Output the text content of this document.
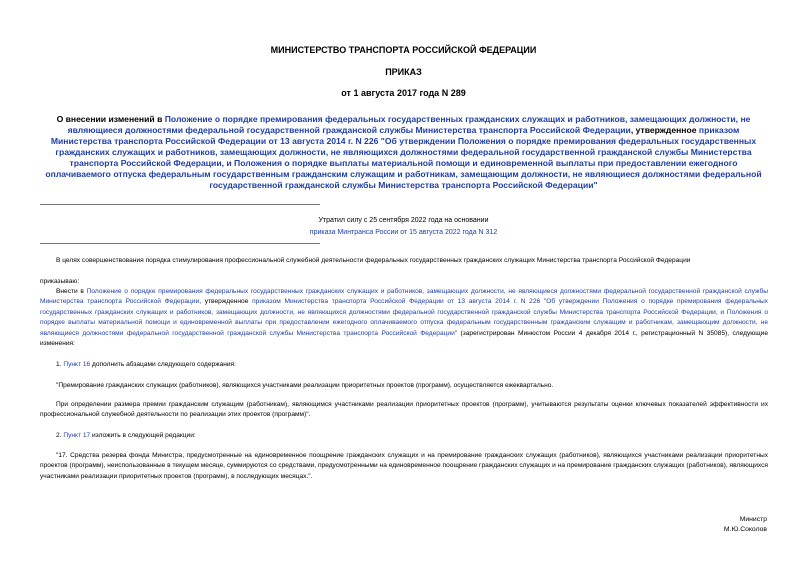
МИНИСТЕРСТВО ТРАНСПОРТА РОССИЙСКОЙ ФЕДЕРАЦИИ
ПРИКАЗ
от 1 августа 2017 года N 289
О внесении изменений в Положение о порядке премирования федеральных государственных гражданских служащих и работников, замещающих должности, не являющиеся должностями федеральной государственной гражданской службы Министерства транспорта Российской Федерации, утвержденное приказом Министерства транспорта Российской Федерации от 13 августа 2014 г. N 226 "Об утверждении Положения о порядке премирования федеральных государственных гражданских служащих и работников, замещающих должности, не являющихся должностями федеральной государственной гражданской службы Министерства транспорта Российской Федерации, и Положения о порядке выплаты материальной помощи и единовременной выплаты при предоставлении ежегодного оплачиваемого отпуска федеральным государственным гражданским служащим и работникам, замещающим должности, не являющиеся должностями федеральной государственной гражданской службы Министерства транспорта Российской Федерации"
Утратил силу с 25 сентября 2022 года на основании
приказа Минтранса России от 15 августа 2022 года N 312
В целях совершенствования порядка стимулирования профессиональной служебной деятельности федеральных государственных гражданских служащих Министерства транспорта Российской Федерации
приказываю:
Внести в Положение о порядке премирования федеральных государственных гражданских служащих и работников, замещающих должности, не являющиеся должностями федеральной государственной гражданской службы Министерства транспорта Российской Федерации, утвержденное приказом Министерства транспорта Российской Федерации от 13 августа 2014 г. N 226 "Об утверждении Положения о порядке премирования федеральных государственных гражданских служащих и работников, замещающих должности, не являющихся должностями федеральной государственной гражданской службы Министерства транспорта Российской Федерации, и Положения о порядке выплаты материальной помощи и единовременной выплаты при предоставлении ежегодного оплачиваемого отпуска федеральным государственным гражданским служащим и работникам, замещающим должности, не являющиеся должностями федеральной государственной гражданской службы Министерства транспорта Российской Федерации" (зарегистрирован Минюстом России 4 декабря 2014 г., регистрационный N 35085), следующие изменения:
1. Пункт 16 дополнить абзацами следующего содержания:
"Премирование гражданских служащих (работников), являющихся участниками реализации приоритетных проектов (программ), осуществляется ежеквартально.
При определении размера премии гражданским служащим (работникам), являющимся участниками реализации приоритетных проектов (программ), учитываются результаты оценки ключевых показателей эффективности их профессиональной служебной деятельности по реализации этих проектов (программ)".
2. Пункт 17 изложить в следующей редакции:
"17. Средства резерва фонда Министра, предусмотренные на единовременное поощрение гражданских служащих и на премирование гражданских служащих (работников), являющихся участниками реализации приоритетных проектов (программ), неиспользованные в текущем месяце, суммируются со средствами, предусмотренными на единовременное поощрение гражданских служащих и на премирование гражданских служащих (работников), являющихся участниками реализации приоритетных проектов (программ), в последующих месяцах.".
Министр
М.Ю.Соколов
